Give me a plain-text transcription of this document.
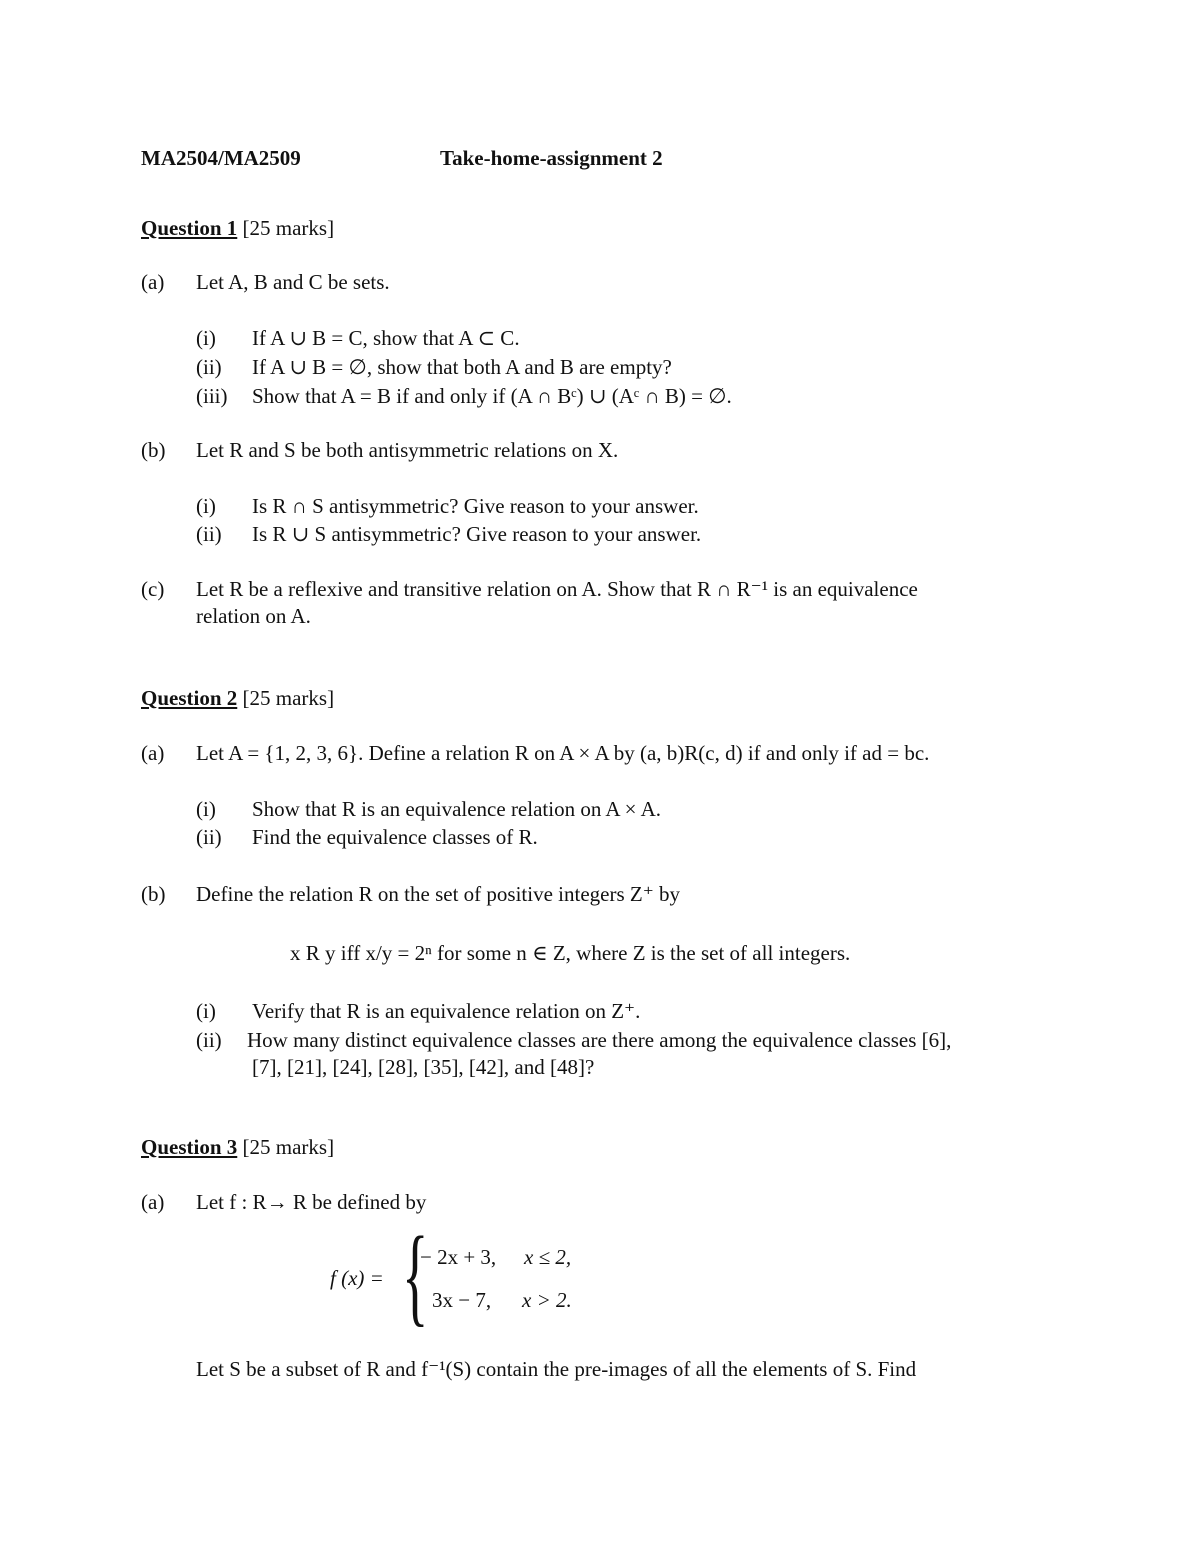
MA2504/MA2509	Take-home-assignment 2
Question 1 [25 marks]
(a) Let A, B and C be sets.
(i) If A ∪ B = C, show that A ⊂ C.
(ii) If A ∪ B = ∅, show that both A and B are empty?
(iii) Show that A = B if and only if (A ∩ Bᶜ) ∪ (Aᶜ ∩ B) = ∅.
(b) Let R and S be both antisymmetric relations on X.
(i) Is R ∩ S antisymmetric? Give reason to your answer.
(ii) Is R ∪ S antisymmetric? Give reason to your answer.
(c) Let R be a reflexive and transitive relation on A. Show that R ∩ R⁻¹ is an equivalence
relation on A.
Question 2 [25 marks]
(a) Let A = {1, 2, 3, 6}. Define a relation R on A × A by (a, b)R(c, d) if and only if ad = bc.
(i) Show that R is an equivalence relation on A × A.
(ii) Find the equivalence classes of R.
(b) Define the relation R on the set of positive integers Z⁺ by
x R y iff x/y = 2ⁿ for some n ∈ Z, where Z is the set of all integers.
(i) Verify that R is an equivalence relation on Z⁺.
(ii) How many distinct equivalence classes are there among the equivalence classes [6],
[7], [21], [24], [28], [35], [42], and [48]?
Question 3 [25 marks]
(a) Let f : R→ R be defined by
f (x) = {
− 2x + 3, x ≤ 2,
3x − 7, x > 2.
Let S be a subset of R and f⁻¹(S) contain the pre-images of all the elements of S. Find
